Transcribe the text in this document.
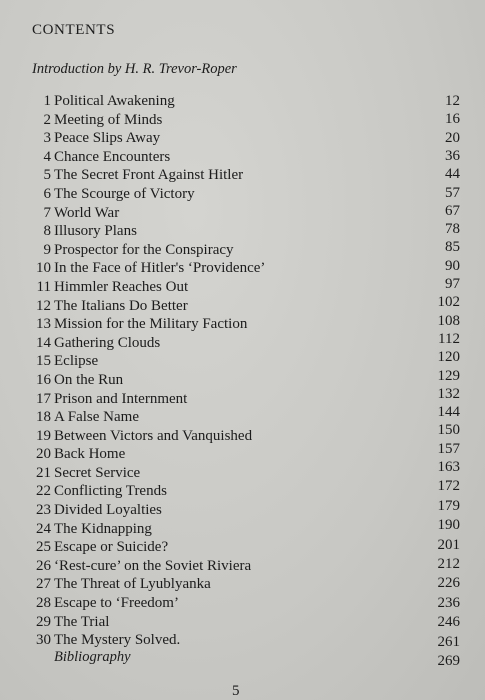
CONTENTS
Introduction by H. R. Trevor-Roper
1 Political Awakening
2 Meeting of Minds
3 Peace Slips Away
4 Chance Encounters
5 The Secret Front Against Hitler
6 The Scourge of Victory
7 World War
8 Illusory Plans
9 Prospector for the Conspiracy
10 In the Face of Hitler's ‘Providence’
11 Himmler Reaches Out
12 The Italians Do Better
13 Mission for the Military Faction
14 Gathering Clouds
15 Eclipse
16 On the Run
17 Prison and Internment
18 A False Name
19 Between Victors and Vanquished
20 Back Home
21 Secret Service
22 Conflicting Trends
23 Divided Loyalties
24 The Kidnapping
25 Escape or Suicide?
26 ‘Rest-cure’ on the Soviet Riviera
27 The Threat of Lyublyanka
28 Escape to ‘Freedom’
29 The Trial
30 The Mystery Solved.
Bibliography
12
16
20
36
44
57
67
78
85
90
97
102
108
112
120
129
132
144
150
157
163
172
179
190
201
212
226
236
246
261
269
5
